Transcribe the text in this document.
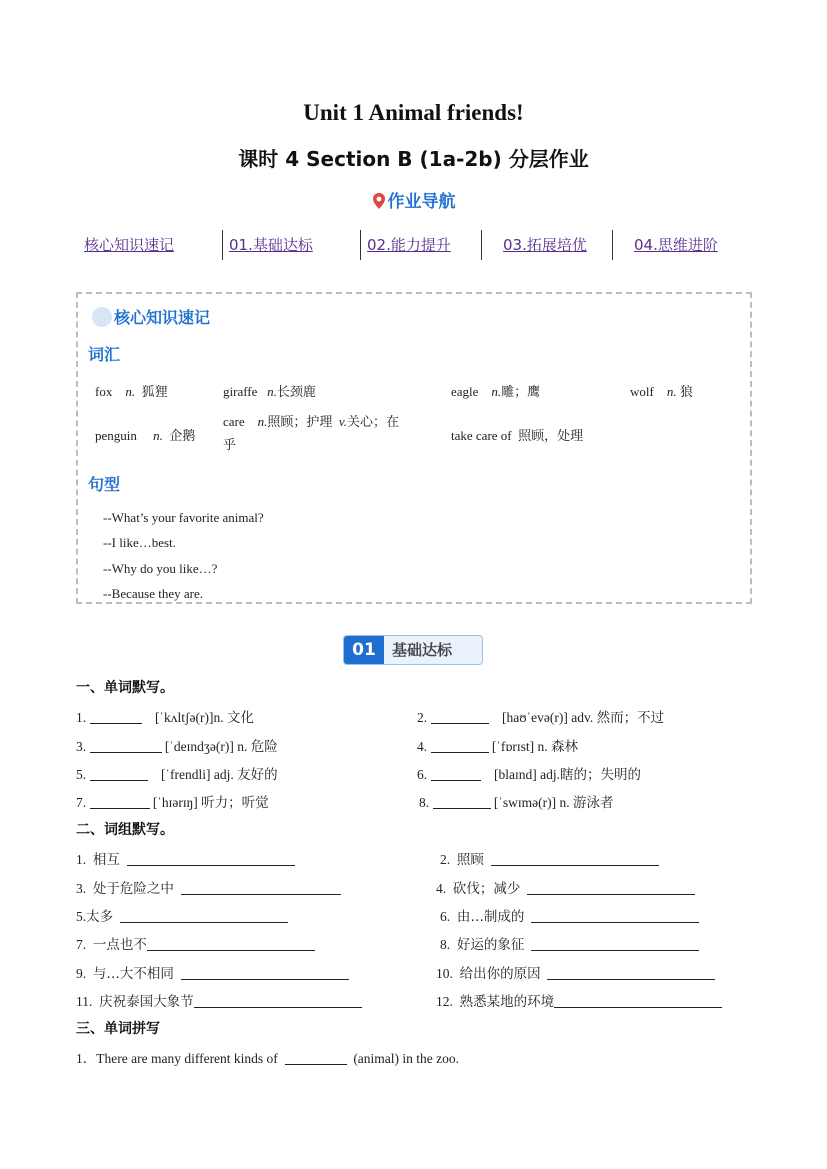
Unit 1 Animal friends!
课时 4 Section B (1a-2b) 分层作业
作业导航
核心知识速记	01.基础达标	02.能力提升	03.拓展培优	04.思维进阶
核心知识速记
词汇
fox n. 狐狸	giraffe n.长颈鹿	eagle n.雕；鹰	wolf n. 狼
penguin n. 企鹅
care n.照顾；护理 v.关心；在
乎
take care of 照顾，处理
句型
--What’s your favorite animal?
--I like…best.
--Why do you like…?
--Because they are.
01	基础达标
一、单词默写。
1.	[ˈkʌltʃə(r)]n. 文化	2.	[haʊˈevə(r)] adv. 然而；不过
3.	[ˈdeɪndʒə(r)] n. 危险	4.	[ˈfɒrɪst] n. 森林
5.	[ˈfrendli] adj. 友好的	6.	[blaɪnd] adj.瞎的；失明的
7.	[ˈhɪərɪŋ] 听力；听觉	8.	[ˈswɪmə(r)] n. 游泳者
二、词组默写。
1. 相互	2. 照顾
3. 处于危险之中	4. 砍伐；减少
5.太多	6. 由…制成的
7. 一点也不	8. 好运的象征
9. 与…大不相同	10. 给出你的原因
11. 庆祝泰国大象节	12. 熟悉某地的环境
三、单词拼写
1．There are many different kinds of	(animal) in the zoo.
